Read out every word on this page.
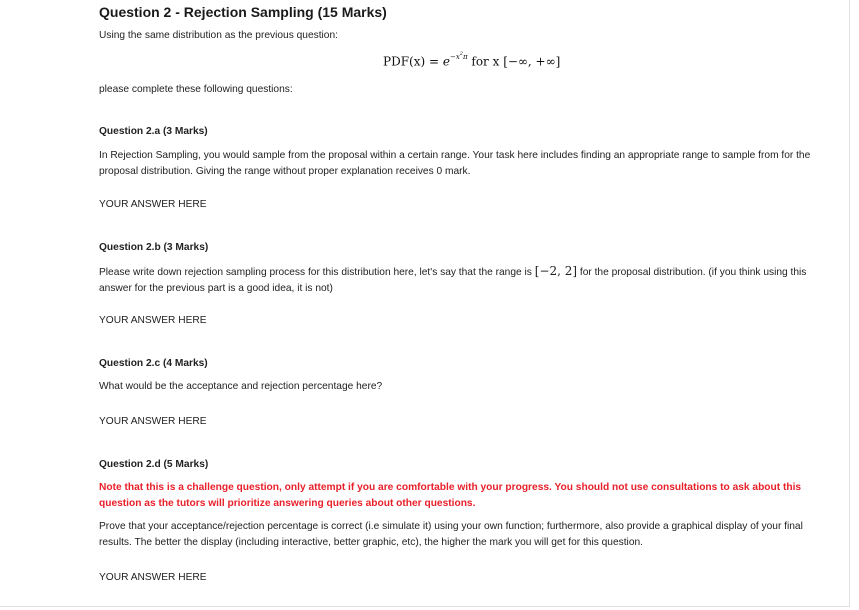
Question 2 - Rejection Sampling (15 Marks)

Using the same distribution as the previous question:

$PDF(x) = e^{-x^2\pi}$ for x [−∞, +∞]

please complete these following questions:

Question 2.a (3 Marks)

In Rejection Sampling, you would sample from the proposal within a certain range. Your task here includes finding an appropriate range to sample from for the proposal distribution. Giving the range without proper explanation receives 0 mark.

YOUR ANSWER HERE
Question 2.b (3 Marks)

Please write down rejection sampling process for this distribution here, let's say that the range is [−2, 2] for the proposal distribution. (if you think using this answer for the previous part is a good idea, it is not)

YOUR ANSWER HERE
Question 2.c (4 Marks)

What would be the acceptance and rejection percentage here?

YOUR ANSWER HERE
Question 2.d (5 Marks)

Note that this is a challenge question, only attempt if you are comfortable with your progress. You should not use consultations to ask about this question as the tutors will prioritize answering queries about other questions.

Prove that your acceptance/rejection percentage is correct (i.e simulate it) using your own function; furthermore, also provide a graphical display of your final results. The better the display (including interactive, better graphic, etc), the higher the mark you will get for this question.

YOUR ANSWER HERE
